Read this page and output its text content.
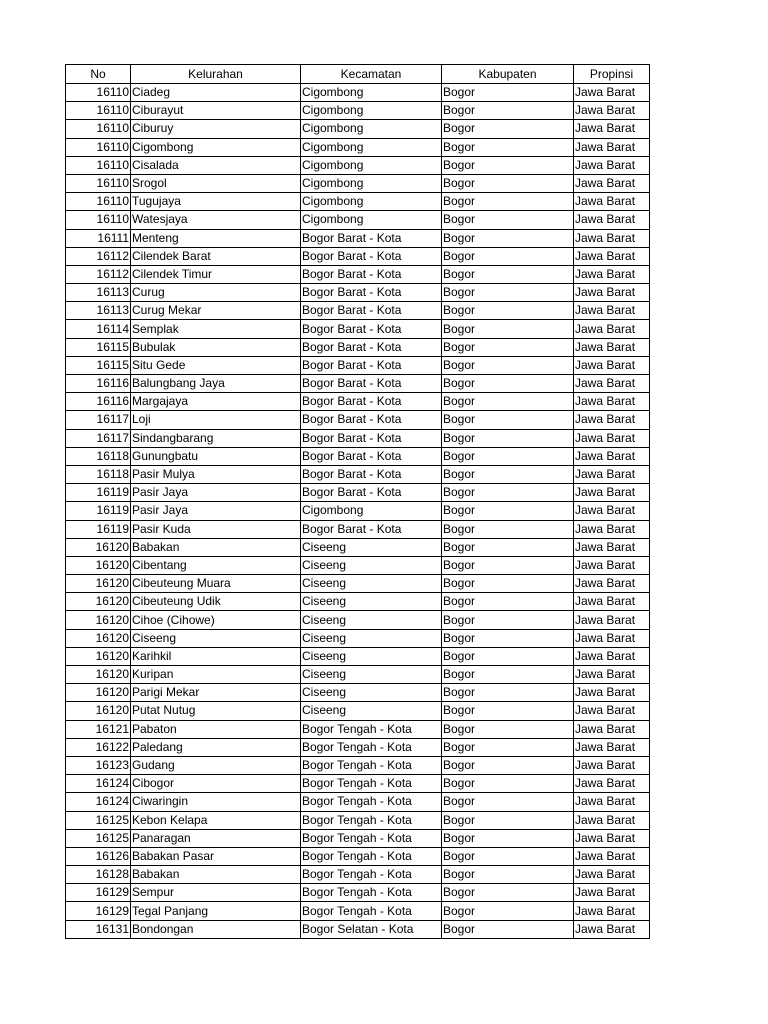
No	Kelurahan	Kecamatan	Kabupaten	Propinsi
16110	Ciadeg	Cigombong	Bogor	Jawa Barat
16110	Ciburayut	Cigombong	Bogor	Jawa Barat
16110	Ciburuy	Cigombong	Bogor	Jawa Barat
16110	Cigombong	Cigombong	Bogor	Jawa Barat
16110	Cisalada	Cigombong	Bogor	Jawa Barat
16110	Srogol	Cigombong	Bogor	Jawa Barat
16110	Tugujaya	Cigombong	Bogor	Jawa Barat
16110	Watesjaya	Cigombong	Bogor	Jawa Barat
16111	Menteng	Bogor Barat - Kota	Bogor	Jawa Barat
16112	Cilendek Barat	Bogor Barat - Kota	Bogor	Jawa Barat
16112	Cilendek Timur	Bogor Barat - Kota	Bogor	Jawa Barat
16113	Curug	Bogor Barat - Kota	Bogor	Jawa Barat
16113	Curug Mekar	Bogor Barat - Kota	Bogor	Jawa Barat
16114	Semplak	Bogor Barat - Kota	Bogor	Jawa Barat
16115	Bubulak	Bogor Barat - Kota	Bogor	Jawa Barat
16115	Situ Gede	Bogor Barat - Kota	Bogor	Jawa Barat
16116	Balungbang Jaya	Bogor Barat - Kota	Bogor	Jawa Barat
16116	Margajaya	Bogor Barat - Kota	Bogor	Jawa Barat
16117	Loji	Bogor Barat - Kota	Bogor	Jawa Barat
16117	Sindangbarang	Bogor Barat - Kota	Bogor	Jawa Barat
16118	Gunungbatu	Bogor Barat - Kota	Bogor	Jawa Barat
16118	Pasir Mulya	Bogor Barat - Kota	Bogor	Jawa Barat
16119	Pasir Jaya	Bogor Barat - Kota	Bogor	Jawa Barat
16119	Pasir Jaya	Cigombong	Bogor	Jawa Barat
16119	Pasir Kuda	Bogor Barat - Kota	Bogor	Jawa Barat
16120	Babakan	Ciseeng	Bogor	Jawa Barat
16120	Cibentang	Ciseeng	Bogor	Jawa Barat
16120	Cibeuteung Muara	Ciseeng	Bogor	Jawa Barat
16120	Cibeuteung Udik	Ciseeng	Bogor	Jawa Barat
16120	Cihoe (Cihowe)	Ciseeng	Bogor	Jawa Barat
16120	Ciseeng	Ciseeng	Bogor	Jawa Barat
16120	Karihkil	Ciseeng	Bogor	Jawa Barat
16120	Kuripan	Ciseeng	Bogor	Jawa Barat
16120	Parigi Mekar	Ciseeng	Bogor	Jawa Barat
16120	Putat Nutug	Ciseeng	Bogor	Jawa Barat
16121	Pabaton	Bogor Tengah - Kota	Bogor	Jawa Barat
16122	Paledang	Bogor Tengah - Kota	Bogor	Jawa Barat
16123	Gudang	Bogor Tengah - Kota	Bogor	Jawa Barat
16124	Cibogor	Bogor Tengah - Kota	Bogor	Jawa Barat
16124	Ciwaringin	Bogor Tengah - Kota	Bogor	Jawa Barat
16125	Kebon Kelapa	Bogor Tengah - Kota	Bogor	Jawa Barat
16125	Panaragan	Bogor Tengah - Kota	Bogor	Jawa Barat
16126	Babakan Pasar	Bogor Tengah - Kota	Bogor	Jawa Barat
16128	Babakan	Bogor Tengah - Kota	Bogor	Jawa Barat
16129	Sempur	Bogor Tengah - Kota	Bogor	Jawa Barat
16129	Tegal Panjang	Bogor Tengah - Kota	Bogor	Jawa Barat
16131	Bondongan	Bogor Selatan - Kota	Bogor	Jawa Barat
